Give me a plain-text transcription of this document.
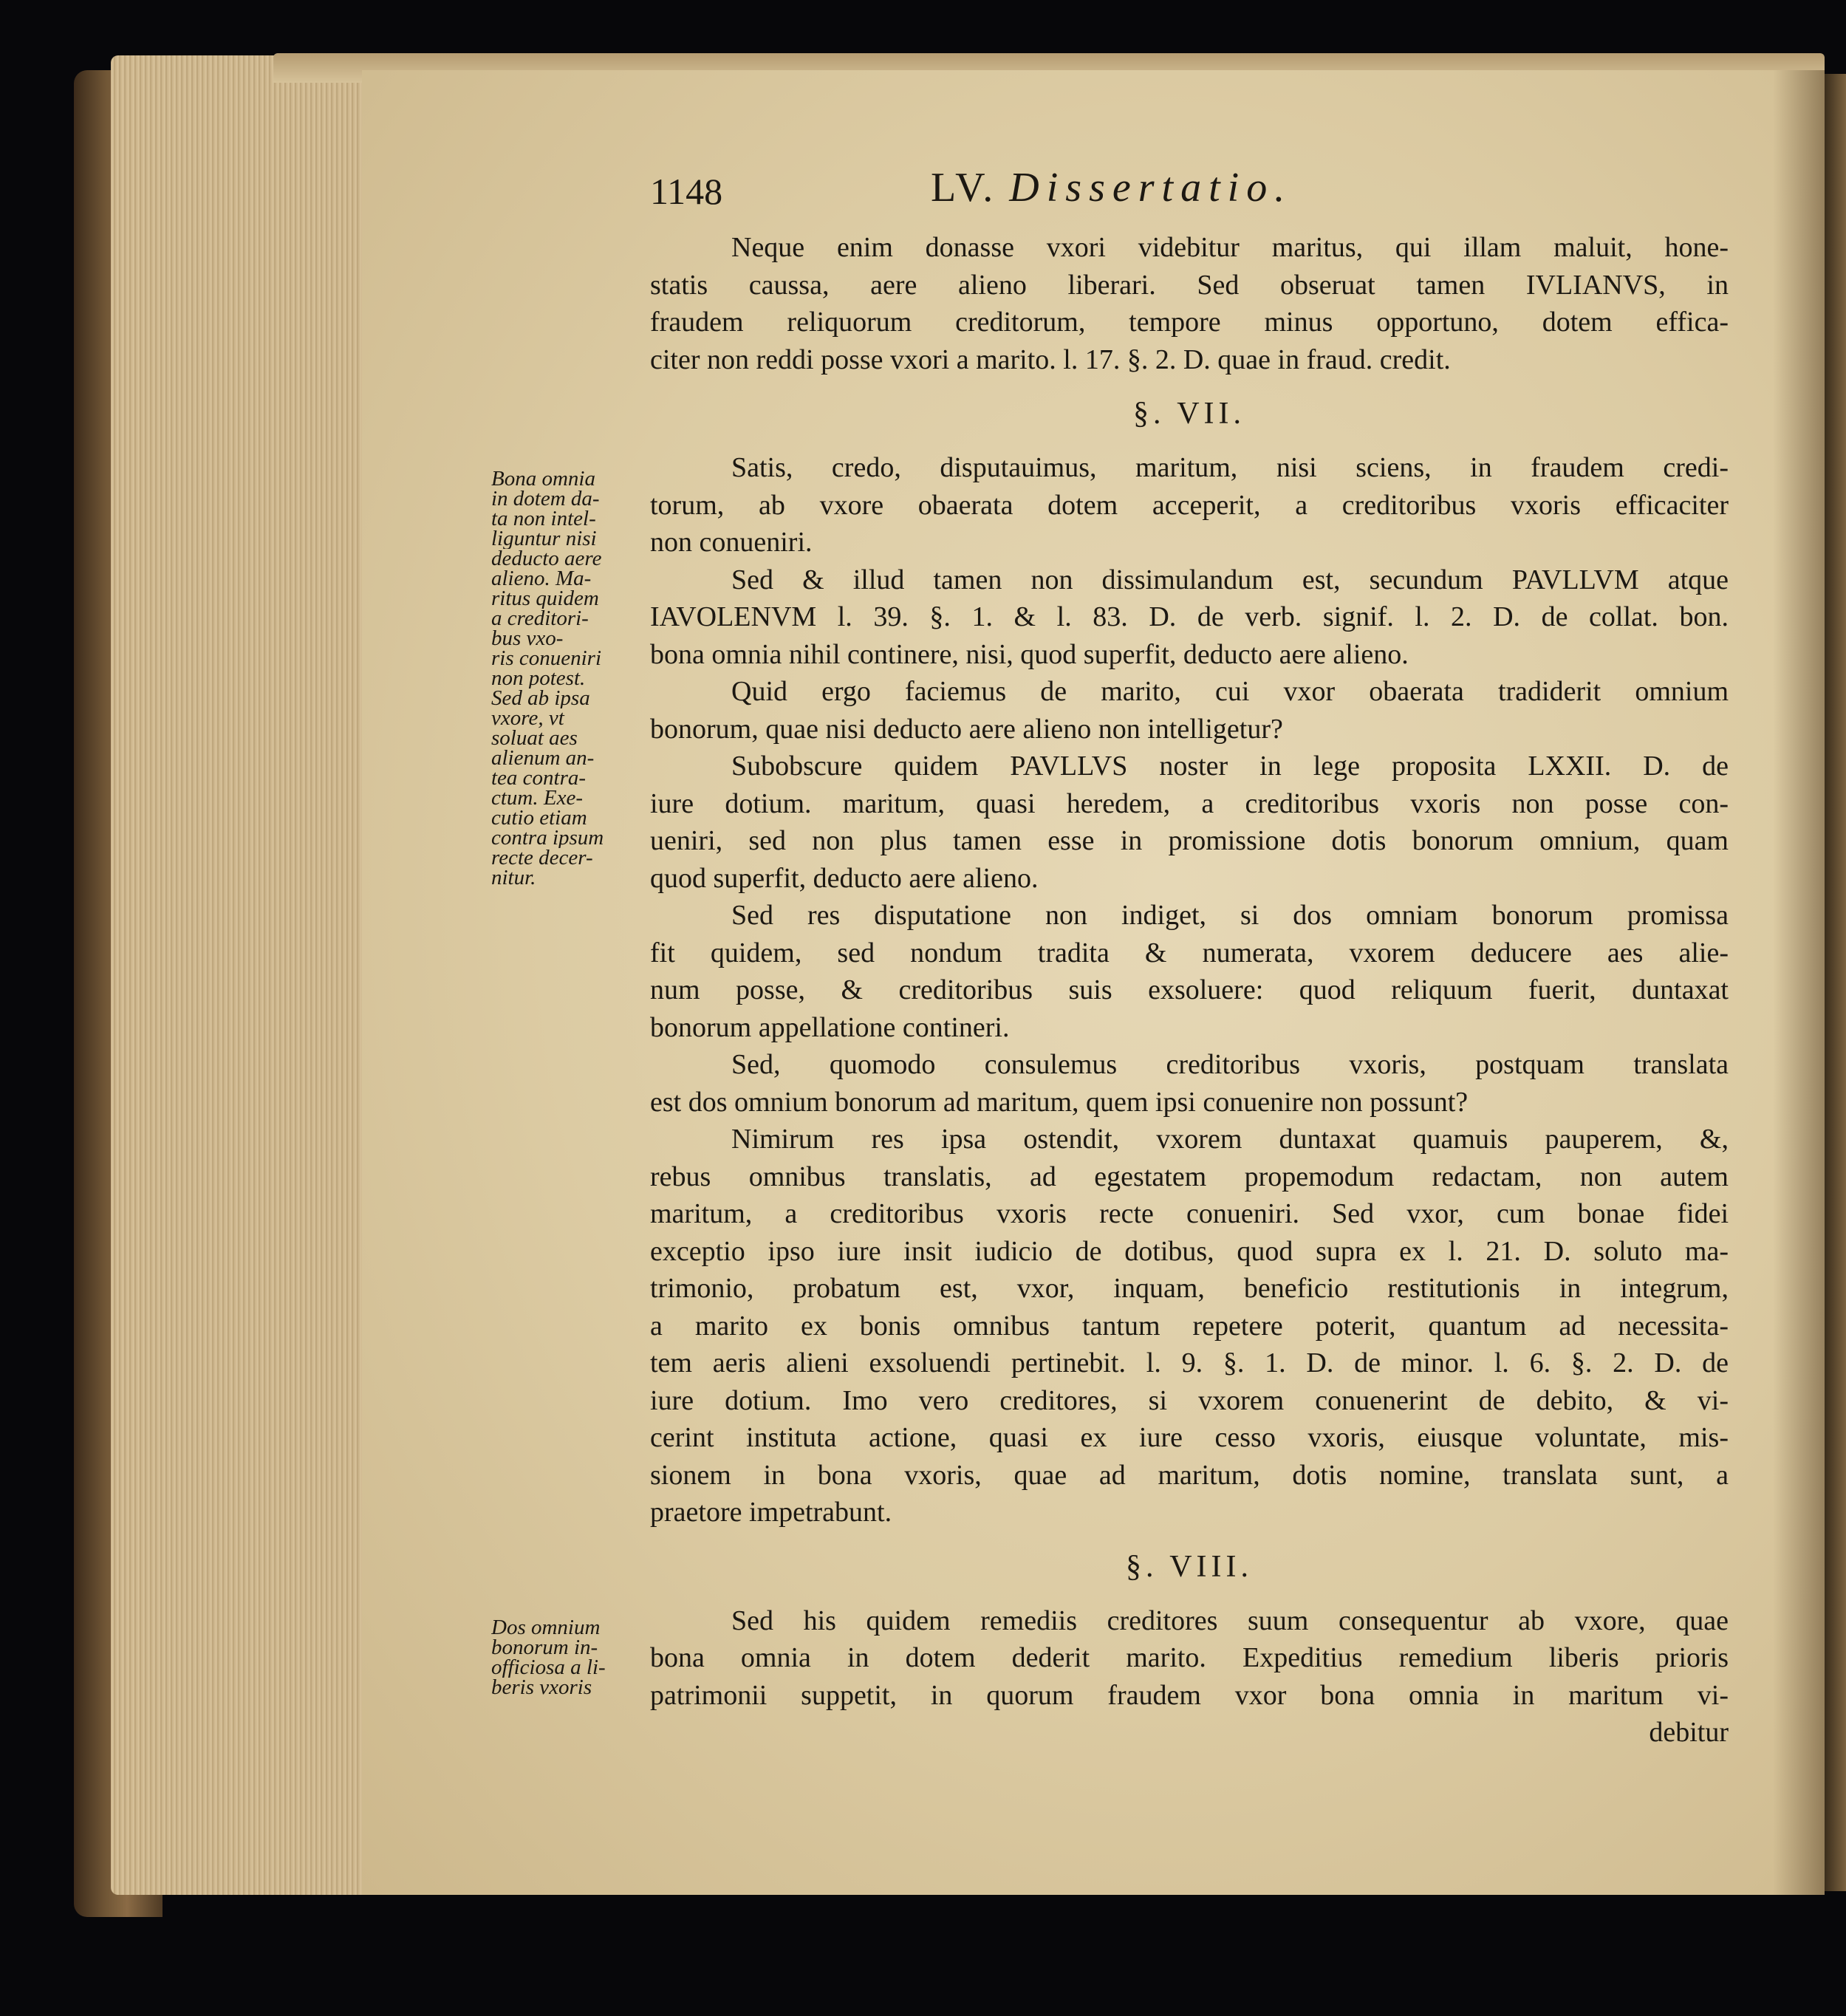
1148	LV. Dissertatio.
Neque enim donasse vxori videbitur maritus, qui illam maluit, hone-
statis caussa, aere alieno liberari. Sed obseruat tamen IVLIANVS, in
fraudem reliquorum creditorum, tempore minus opportuno, dotem effica-
citer non reddi posse vxori a marito. l. 17. §. 2. D. quae in fraud. credit.
§. VII.
Satis, credo, disputauimus, maritum, nisi sciens, in fraudem credi-
torum, ab vxore obaerata dotem acceperit, a creditoribus vxoris efficaciter
non conueniri.
Sed & illud tamen non dissimulandum est, secundum PAVLLVM atque
IAVOLENVM l. 39. §. 1. & l. 83. D. de verb. signif. l. 2. D. de collat. bon.
bona omnia nihil continere, nisi, quod superfit, deducto aere alieno.
Quid ergo faciemus de marito, cui vxor obaerata tradiderit omnium
bonorum, quae nisi deducto aere alieno non intelligetur?
Subobscure quidem PAVLLVS noster in lege proposita LXXII. D. de
iure dotium. maritum, quasi heredem, a creditoribus vxoris non posse con-
ueniri, sed non plus tamen esse in promissione dotis bonorum omnium, quam
quod superfit, deducto aere alieno.
Sed res disputatione non indiget, si dos omniam bonorum promissa
fit quidem, sed nondum tradita & numerata, vxorem deducere aes alie-
num posse, & creditoribus suis exsoluere: quod reliquum fuerit, duntaxat
bonorum appellatione contineri.
Sed, quomodo consulemus creditoribus vxoris, postquam translata
est dos omnium bonorum ad maritum, quem ipsi conuenire non possunt?
Nimirum res ipsa ostendit, vxorem duntaxat quamuis pauperem, &,
rebus omnibus translatis, ad egestatem propemodum redactam, non autem
maritum, a creditoribus vxoris recte conueniri. Sed vxor, cum bonae fidei
exceptio ipso iure insit iudicio de dotibus, quod supra ex l. 21. D. soluto ma-
trimonio, probatum est, vxor, inquam, beneficio restitutionis in integrum,
a marito ex bonis omnibus tantum repetere poterit, quantum ad necessita-
tem aeris alieni exsoluendi pertinebit. l. 9. §. 1. D. de minor. l. 6. §. 2. D. de
iure dotium. Imo vero creditores, si vxorem conuenerint de debito, & vi-
cerint instituta actione, quasi ex iure cesso vxoris, eiusque voluntate, mis-
sionem in bona vxoris, quae ad maritum, dotis nomine, translata sunt, a
praetore impetrabunt.
§. VIII.
Sed his quidem remediis creditores suum consequentur ab vxore, quae
bona omnia in dotem dederit marito. Expeditius remedium liberis prioris
patrimonii suppetit, in quorum fraudem vxor bona omnia in maritum vi-
debitur
Bona omnia
in dotem da-
ta non intel-
liguntur nisi
deducto aere
alieno. Ma-
ritus quidem
a creditori-
bus vxo-
ris conueniri
non potest.
Sed ab ipsa
vxore, vt
soluat aes
alienum an-
tea contra-
ctum. Exe-
cutio etiam
contra ipsum
recte decer-
nitur.
Dos omnium
bonorum in-
officiosa a li-
beris vxoris
